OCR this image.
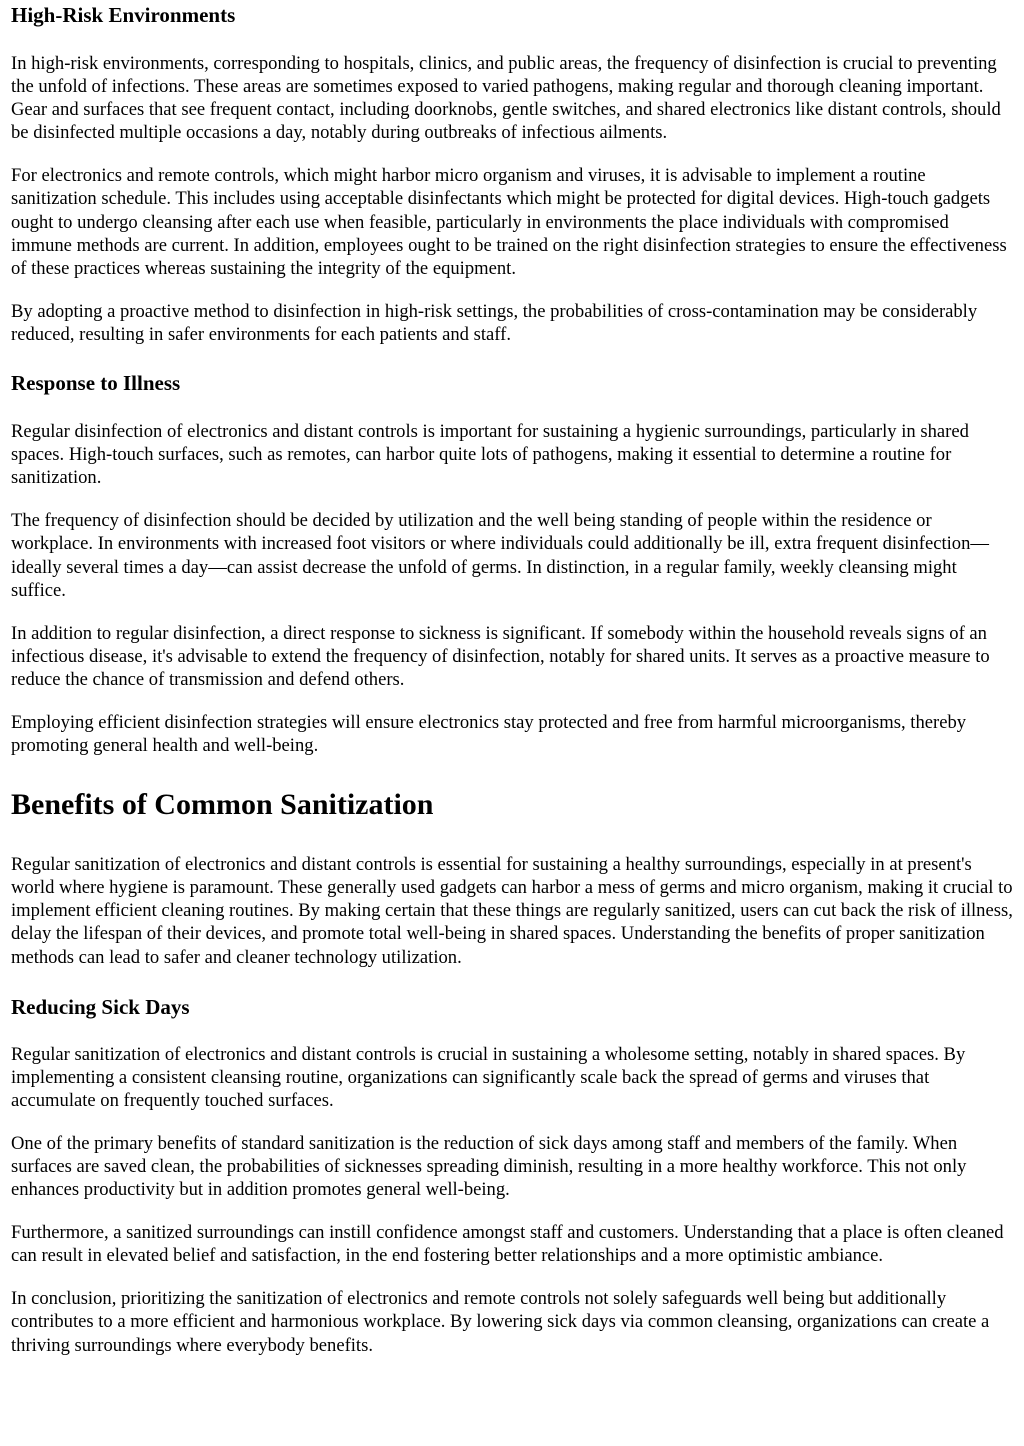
High-Risk Environments

In high-risk environments, corresponding to hospitals, clinics, and public areas, the frequency of disinfection is crucial to preventing the unfold of infections. These areas are sometimes exposed to varied pathogens, making regular and thorough cleaning important. Gear and surfaces that see frequent contact, including doorknobs, gentle switches, and shared electronics like distant controls, should be disinfected multiple occasions a day, notably during outbreaks of infectious ailments.

For electronics and remote controls, which might harbor micro organism and viruses, it is advisable to implement a routine sanitization schedule. This includes using acceptable disinfectants which might be protected for digital devices. High-touch gadgets ought to undergo cleansing after each use when feasible, particularly in environments the place individuals with compromised immune methods are current. In addition, employees ought to be trained on the right disinfection strategies to ensure the effectiveness of these practices whereas sustaining the integrity of the equipment.

By adopting a proactive method to disinfection in high-risk settings, the probabilities of cross-contamination may be considerably reduced, resulting in safer environments for each patients and staff.

Response to Illness

Regular disinfection of electronics and distant controls is important for sustaining a hygienic surroundings, particularly in shared spaces. High-touch surfaces, such as remotes, can harbor quite lots of pathogens, making it essential to determine a routine for sanitization.

The frequency of disinfection should be decided by utilization and the well being standing of people within the residence or workplace. In environments with increased foot visitors or where individuals could additionally be ill, extra frequent disinfection—ideally several times a day—can assist decrease the unfold of germs. In distinction, in a regular family, weekly cleansing might suffice.

In addition to regular disinfection, a direct response to sickness is significant. If somebody within the household reveals signs of an infectious disease, it's advisable to extend the frequency of disinfection, notably for shared units. It serves as a proactive measure to reduce the chance of transmission and defend others.

Employing efficient disinfection strategies will ensure electronics stay protected and free from harmful microorganisms, thereby promoting general health and well-being.

Benefits of Common Sanitization

Regular sanitization of electronics and distant controls is essential for sustaining a healthy surroundings, especially in at present's world where hygiene is paramount. These generally used gadgets can harbor a mess of germs and micro organism, making it crucial to implement efficient cleaning routines. By making certain that these things are regularly sanitized, users can cut back the risk of illness, delay the lifespan of their devices, and promote total well-being in shared spaces. Understanding the benefits of proper sanitization methods can lead to safer and cleaner technology utilization.

Reducing Sick Days

Regular sanitization of electronics and distant controls is crucial in sustaining a wholesome setting, notably in shared spaces. By implementing a consistent cleansing routine, organizations can significantly scale back the spread of germs and viruses that accumulate on frequently touched surfaces.

One of the primary benefits of standard sanitization is the reduction of sick days among staff and members of the family. When surfaces are saved clean, the probabilities of sicknesses spreading diminish, resulting in a more healthy workforce. This not only enhances productivity but in addition promotes general well-being.

Furthermore, a sanitized surroundings can instill confidence amongst staff and customers. Understanding that a place is often cleaned can result in elevated belief and satisfaction, in the end fostering better relationships and a more optimistic ambiance.

In conclusion, prioritizing the sanitization of electronics and remote controls not solely safeguards well being but additionally contributes to a more efficient and harmonious workplace. By lowering sick days via common cleansing, organizations can create a thriving surroundings where everybody benefits.
